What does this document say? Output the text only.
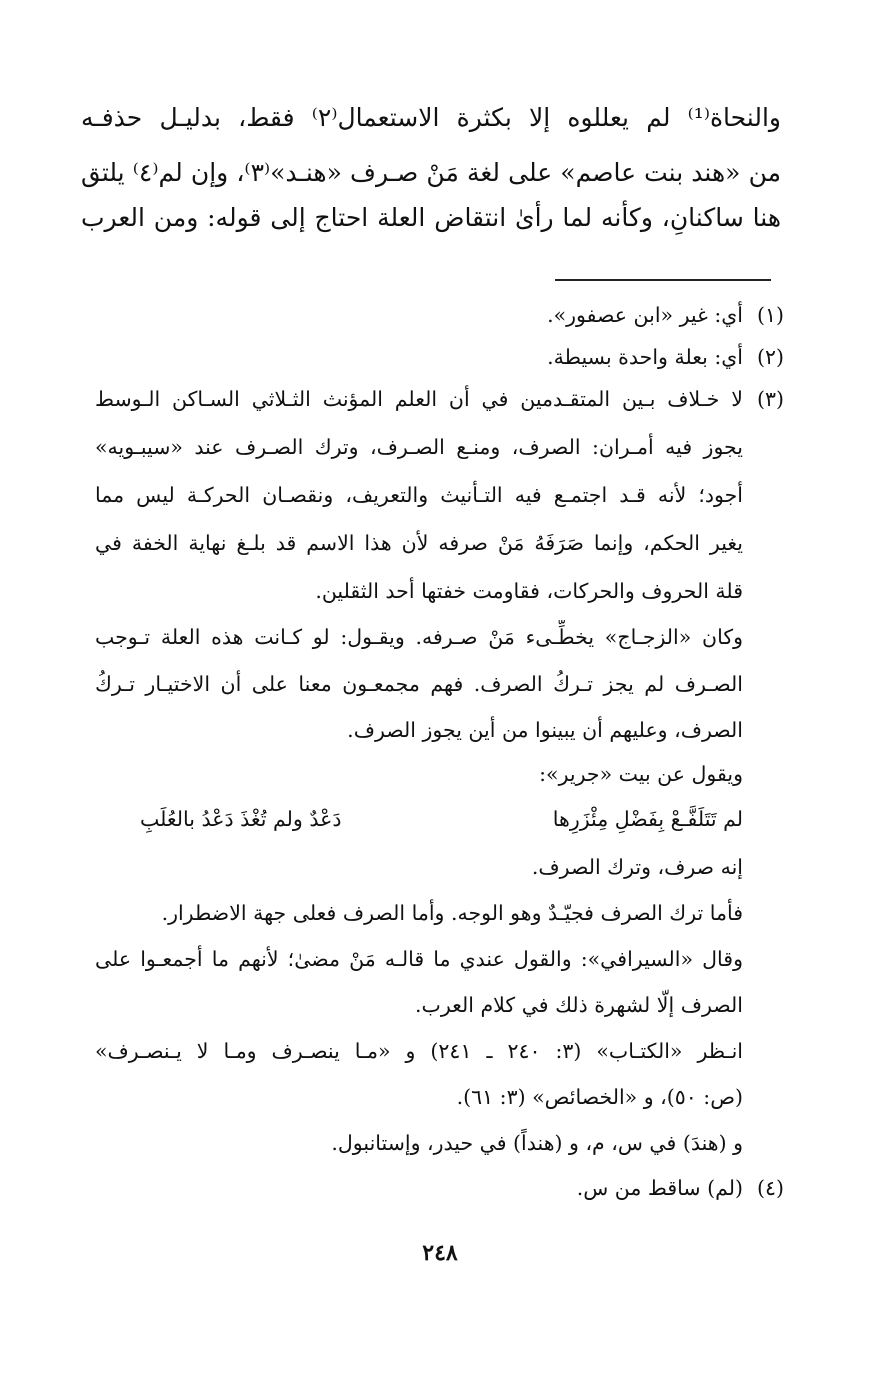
والنحاة⁽¹⁾ لم يعللوه إلا بكثرة الاستعمال⁽٢⁾ فقط، بدليـل حذفـه
من «هند بنت عاصم» على لغة مَنْ صـرف «هنـد»⁽٣⁾، وإن لم⁽٤⁾ يلتق
هنا ساكنانِ، وكأنه لما رأىٰ انتقاض العلة احتاج إلى قوله: ومن العرب
(١)
أي: غير «ابن عصفور».
(٢)
أي: بعلة واحدة بسيطة.
(٣)
لا خـلاف بـين المتقـدمين في أن العلم المؤنث الثـلاثي السـاكن الـوسط
يجوز فيه أمـران: الصرف، ومنـع الصـرف، وترك الصـرف عند «سيبـويه»
أجود؛ لأنه قـد اجتمـع فيه التـأنيث والتعريف، ونقصـان الحركـة ليس مما
يغير الحكم، وإنما صَرَفَهُ مَنْ صرفه لأن هذا الاسم قد بلـغ نهاية الخفة في
قلة الحروف والحركات، فقاومت خفتها أحد الثقلين.
وكان «الزجـاج» يخطِّـىء مَنْ صـرفه. ويقـول: لو كـانت هذه العلة تـوجب
الصـرف لم يجز تـركُ الصرف. فهم مجمعـون معنا على أن الاختيـار تـركُ
الصرف، وعليهم أن يبينوا من أين يجوز الصرف.
ويقول عن بيت «جرير»:
لم تَتَلَفَّـعْ بِفَضْلِ مِئْزَرِها
دَعْدٌ ولم تُغْذَ دَعْدُ بالعُلَبِ
إنه صرف، وترك الصرف.
فأما ترك الصرف فجيّـدٌ وهو الوجه. وأما الصرف فعلى جهة الاضطرار.
وقال «السيرافي»: والقول عندي ما قالـه مَنْ مضىٰ؛ لأنهم ما أجمعـوا على
الصرف إلّا لشهرة ذلك في كلام العرب.
انـظر «الكتـاب» (٣: ٢٤٠ ـ ٢٤١) و «مـا ينصـرف ومـا لا يـنصـرف»
(ص: ٥٠)، و «الخصائص» (٣: ٦١).
و (هندَ) في س، م، و (هنداً) في حيدر، وإستانبول.
(٤)
(لم) ساقط من س.
٢٤٨
